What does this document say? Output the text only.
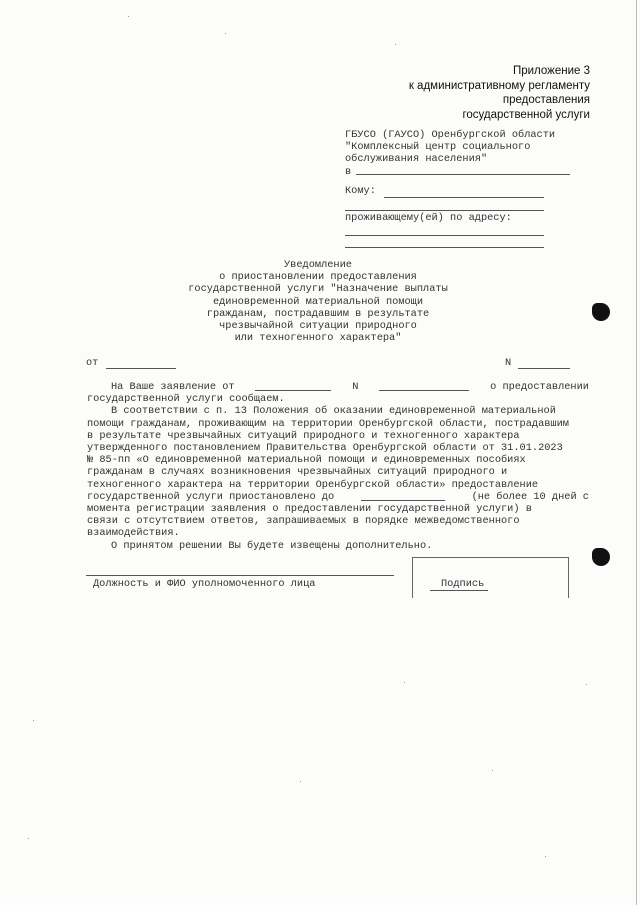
Приложение 3
к административному регламенту
предоставления
государственной услуги
ГБУСО (ГАУСО) Оренбургской области
"Комплексный центр социального
обслуживания населения"
в
Кому:
проживающему(ей) по адресу:
Уведомление
о приостановлении предоставления
государственной услуги "Назначение выплаты
единовременной материальной помощи
гражданам, пострадавшим в результате
чрезвычайной ситуации природного
или техногенного характера"
от	N
На Ваше заявление от	N	о предоставлении
государственной услуги сообщаем.
В соответствии с п. 13 Положения об оказании единовременной материальной
помощи гражданам, проживающим на территории Оренбургской области, пострадавшим
в результате чрезвычайных ситуаций природного и техногенного характера
утвержденного постановлением Правительства Оренбургской области от 31.01.2023
№ 85-пп «О единовременной материальной помощи и единовременных пособиях
гражданам в случаях возникновения чрезвычайных ситуаций природного и
техногенного характера на территории Оренбургской области» предоставление
государственной услуги приостановлено до	(не более 10 дней с
момента регистрации заявления о предоставлении государственной услуги) в
связи с отсутствием ответов, запрашиваемых в порядке межведомственного
взаимодействия.
О принятом решении Вы будете извещены дополнительно.
Должность и ФИО уполномоченного лица	Подпись
